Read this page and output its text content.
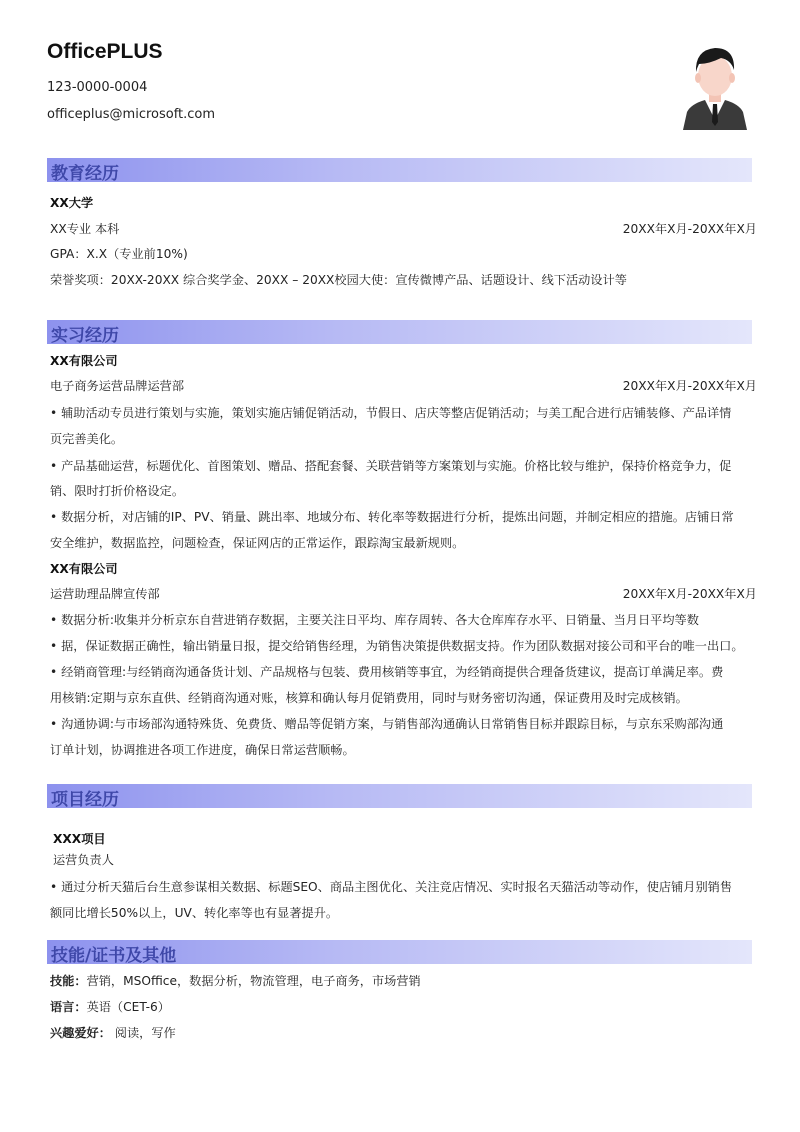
OfficePLUS
123-0000-0004
officeplus@microsoft.com
教育经历
XX大学
XX专业 本科	20XX年X月-20XX年X月
GPA：X.X（专业前10%)
荣誉奖项：20XX-20XX 综合奖学金、20XX – 20XX校园大使：宣传微博产品、话题设计、线下活动设计等
实习经历
XX有限公司
电子商务运营品牌运营部	20XX年X月-20XX年X月
• 辅助活动专员进行策划与实施，策划实施店铺促销活动，节假日、店庆等整店促销活动；与美工配合进行店铺装修、产品详情
页完善美化。
• 产品基础运营，标题优化、首图策划、赠品、搭配套餐、关联营销等方案策划与实施。价格比较与维护，保持价格竞争力，促
销、限时打折价格设定。
• 数据分析，对店铺的IP、PV、销量、跳出率、地域分布、转化率等数据进行分析，提炼出问题，并制定相应的措施。店铺日常
安全维护，数据监控，问题检查，保证网店的正常运作，跟踪淘宝最新规则。
XX有限公司
运营助理品牌宣传部	20XX年X月-20XX年X月
• 数据分析:收集并分析京东自营进销存数据，主要关注日平均、库存周转、各大仓库库存水平、日销量、当月日平均等数
• 据，保证数据正确性，输出销量日报，提交给销售经理，为销售决策提供数据支持。作为团队数据对接公司和平台的唯一出口。
• 经销商管理:与经销商沟通备货计划、产品规格与包装、费用核销等事宜，为经销商提供合理备货建议，提高订单满足率。费
用核销:定期与京东直供、经销商沟通对账，核算和确认每月促销费用，同时与财务密切沟通，保证费用及时完成核销。
• 沟通协调:与市场部沟通特殊货、免费货、赠品等促销方案，与销售部沟通确认日常销售目标并跟踪目标，与京东采购部沟通
订单计划，协调推进各项工作进度，确保日常运营顺畅。
项目经历
XXX项目
运营负责人
• 通过分析天猫后台生意参谋相关数据、标题SEO、商品主图优化、关注竞店情况、实时报名天猫活动等动作，使店铺月别销售
额同比增长50%以上，UV、转化率等也有显著提升。
技能/证书及其他
技能：营销，MSOffice，数据分析，物流管理，电子商务，市场营销
语言：英语（CET-6）
兴趣爱好： 阅读，写作
